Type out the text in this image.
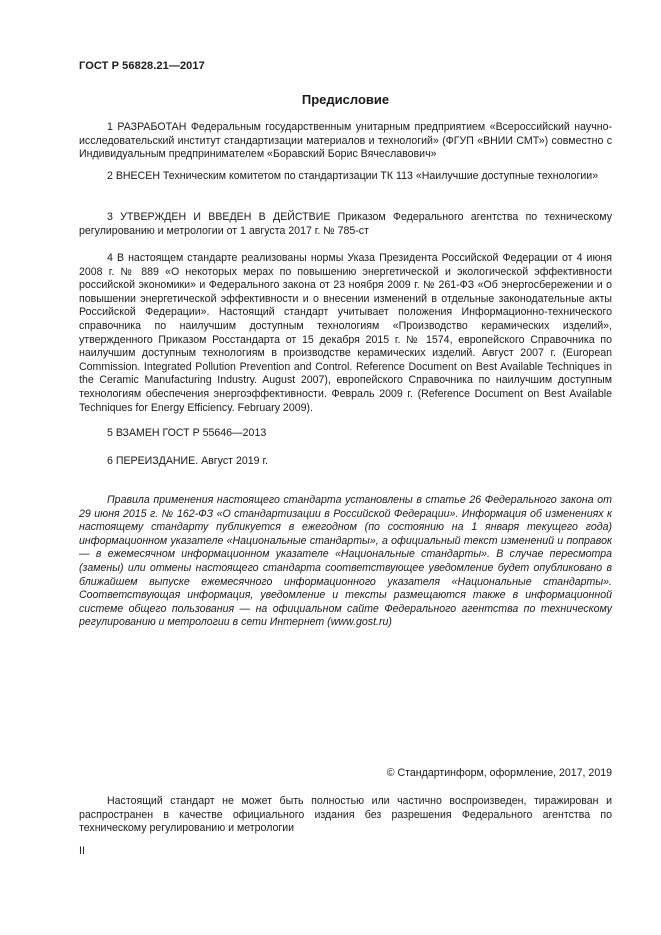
ГОСТ Р 56828.21—2017
Предисловие

1 РАЗРАБОТАН Федеральным государственным унитарным предприятием «Всероссийский научно-исследовательский институт стандартизации материалов и технологий» (ФГУП «ВНИИ СМТ») совместно с Индивидуальным предпринимателем «Боравский Борис Вячеславович»

2 ВНЕСЕН Техническим комитетом по стандартизации ТК 113 «Наилучшие доступные технологии»

3 УТВЕРЖДЕН И ВВЕДЕН В ДЕЙСТВИЕ Приказом Федерального агентства по техническому регулированию и метрологии от 1 августа 2017 г. № 785-ст

4 В настоящем стандарте реализованы нормы Указа Президента Российской Федерации от 4 июня 2008 г. № 889 «О некоторых мерах по повышению энергетической и экологической эффективности российской экономики» и Федерального закона от 23 ноября 2009 г. № 261-ФЗ «Об энергосбережении и о повышении энергетической эффективности и о внесении изменений в отдельные законодательные акты Российской Федерации». Настоящий стандарт учитывает положения Информационно-технического справочника по наилучшим доступным технологиям «Производство керамических изделий», утвержденного Приказом Росстандарта от 15 декабря 2015 г. № 1574, европейского Справочника по наилучшим доступным технологиям в производстве керамических изделий. Август 2007 г. (European Commission. Integrated Pollution Prevention and Control. Reference Document on Best Available Techniques in the Ceramic Manufacturing Industry. August 2007), европейского Справочника по наилучшим доступным технологиям обеспечения энергоэффективности. Февраль 2009 г. (Reference Document on Best Available Techniques for Energy Efficiency. February 2009).

5 ВЗАМЕН ГОСТ Р 55646—2013

6 ПЕРЕИЗДАНИЕ. Август 2019 г.

Правила применения настоящего стандарта установлены в статье 26 Федерального закона от 29 июня 2015 г. № 162-ФЗ «О стандартизации в Российской Федерации». Информация об изменениях к настоящему стандарту публикуется в ежегодном (по состоянию на 1 января текущего года) информационном указателе «Национальные стандарты», а официальный текст изменений и поправок — в ежемесячном информационном указателе «Национальные стандарты». В случае пересмотра (замены) или отмены настоящего стандарта соответствующее уведомление будет опубликовано в ближайшем выпуске ежемесячного информационного указателя «Национальные стандарты». Соответствующая информация, уведомление и тексты размещаются также в информационной системе общего пользования — на официальном сайте Федерального агентства по техническому регулированию и метрологии в сети Интернет (www.gost.ru)

© Стандартинформ, оформление, 2017, 2019

Настоящий стандарт не может быть полностью или частично воспроизведен, тиражирован и распространен в качестве официального издания без разрешения Федерального агентства по техническому регулированию и метрологии

II
